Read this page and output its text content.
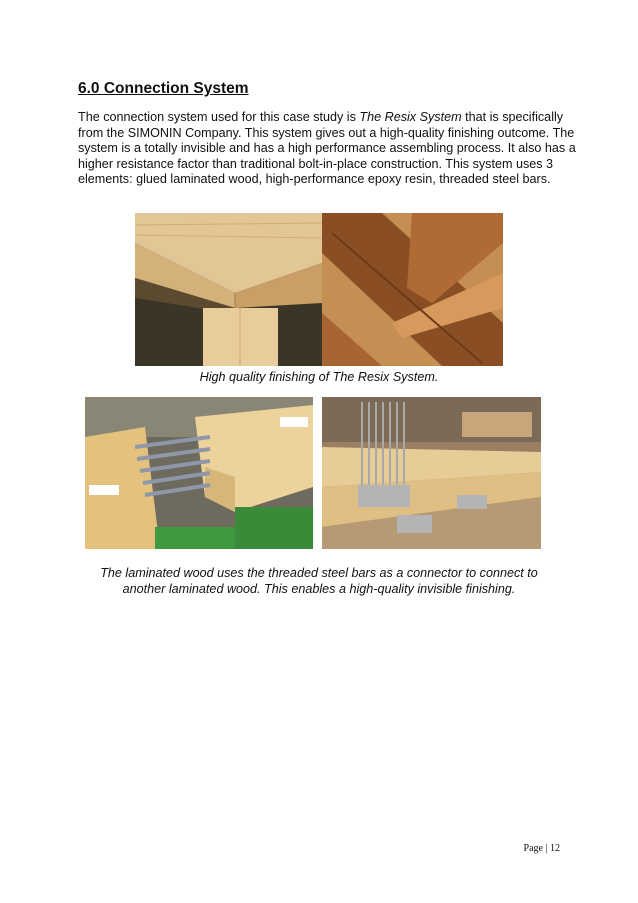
6.0 Connection System

The connection system used for this case study is The Resix System that is specifically from the SIMONIN Company. This system gives out a high-quality finishing outcome. The system is a totally invisible and has a high performance assembling process. It also has a higher resistance factor than traditional bolt-in-place construction. This system uses 3 elements: glued laminated wood, high-performance epoxy resin, threaded steel bars.

High quality finishing of The Resix System.

The laminated wood uses the threaded steel bars as a connector to connect to
another laminated wood. This enables a high-quality invisible finishing.

Page | 12
